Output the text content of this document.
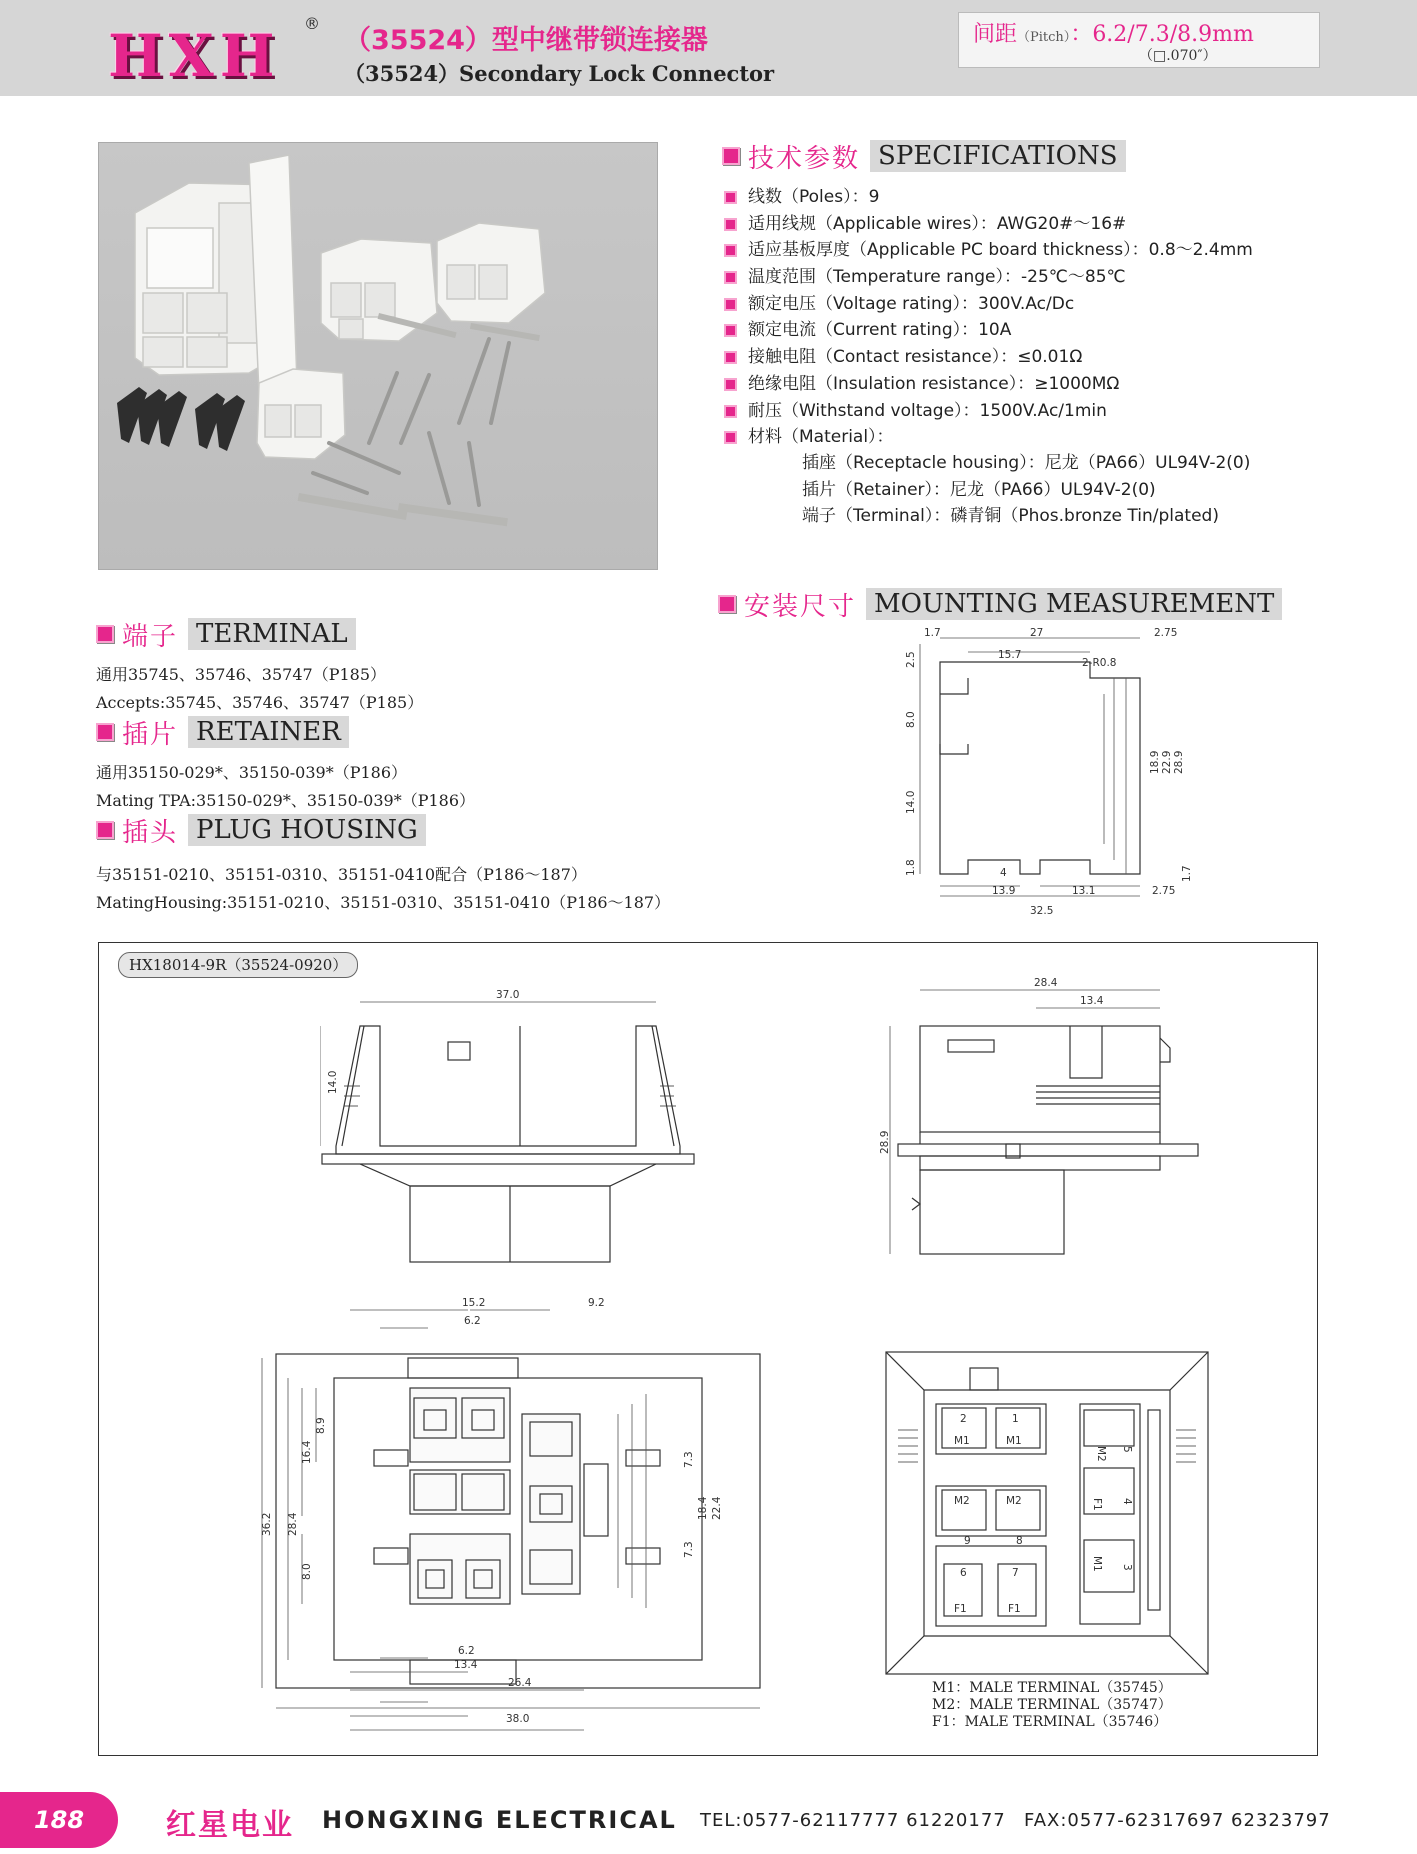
HXH ®
（35524）型中继带锁连接器
（35524）Secondary Lock Connector
间距（Pitch）：6.2/7.3/8.9mm
（□.070″）
技术参数 SPECIFICATIONS
线数（Poles）：9
适用线规（Applicable wires）：AWG20#～16#
适应基板厚度（Applicable PC board thickness）：0.8～2.4mm
温度范围（Temperature range）：-25℃～85℃
额定电压（Voltage rating）：300V.Ac/Dc
额定电流（Current rating）：10A
接触电阻（Contact resistance）：≤0.01Ω
绝缘电阻（Insulation resistance）：≥1000MΩ
耐压（Withstand voltage）：1500V.Ac/1min
材料（Material）：
插座（Receptacle housing）：尼龙（PA66）UL94V-2(0)
插片（Retainer）：尼龙（PA66）UL94V-2(0)
端子（Terminal）：磷青铜（Phos.bronze Tin/plated)
安装尺寸 MOUNTING MEASUREMENT
1.7	27	2.75
15.7
2-R0.8
2.5
8.0
14.0
1.8
18.9 22.9 28.9
4
13.9	13.1	2.75
32.5
1.7
端子 TERMINAL
通用35745、35746、35747（P185）
Accepts:35745、35746、35747（P185）
插片 RETAINER
通用35150-029*、35150-039*（P186）
Mating TPA:35150-029*、35150-039*（P186）
插头 PLUG HOUSING
与35151-0210、35151-0310、35151-0410配合（P186～187）
MatingHousing:35151-0210、35151-0310、35151-0410（P186～187）
HX18014-9R（35524-0920）
37.0
14.0
28.4
13.4
28.9
15.2	9.2
6.2
36.2 28.4
16.4
8.9
8.0
7.3
18.4 22.4
7.3
6.2
13.4
26.4
38.0
2	1
M1	M1
M2 5
M2	M2	F1 4
9	8
M1 3
6	7
F1	F1
M1：MALE TERMINAL（35745）
M2：MALE TERMINAL（35747）
F1：MALE TERMINAL（35746）
188	红星电业 HONGXING ELECTRICAL TEL:0577-62117777 61220177 FAX:0577-62317697 62323797
